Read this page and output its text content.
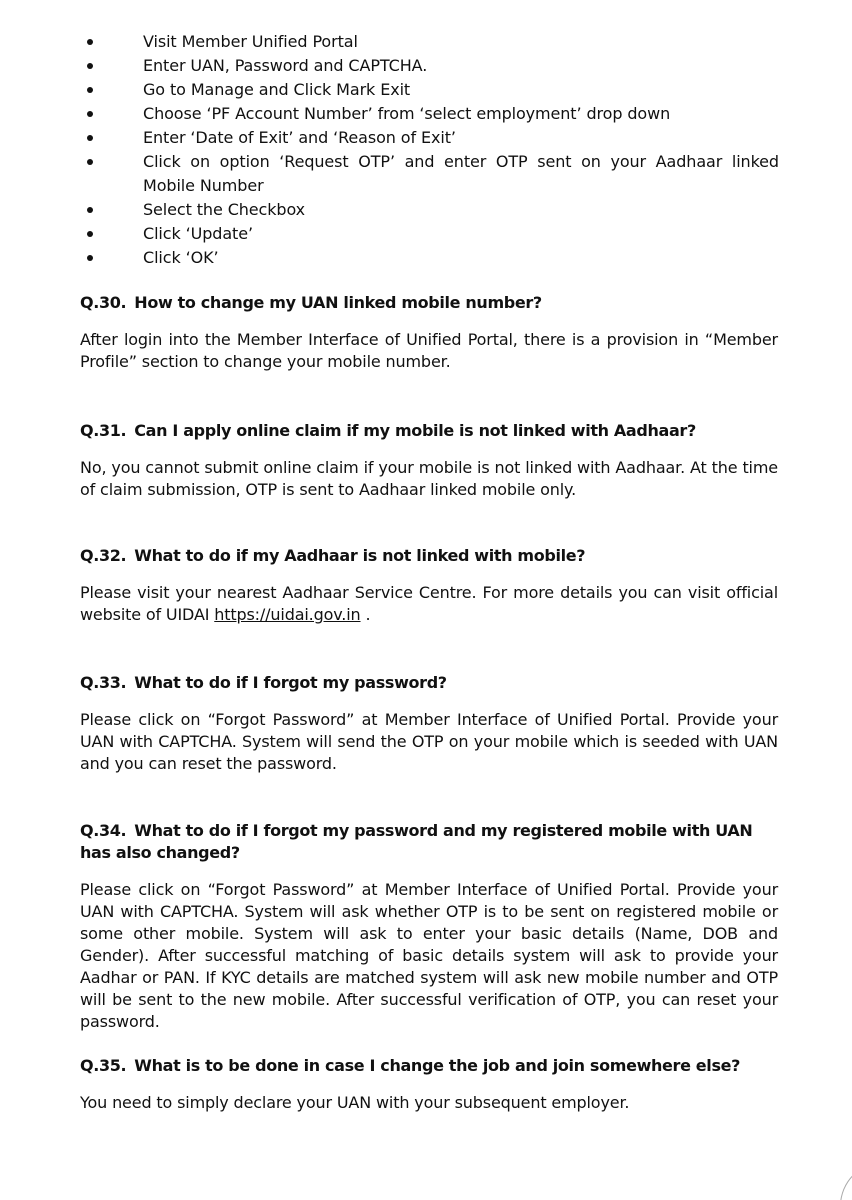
Visit Member Unified Portal
Enter UAN, Password and CAPTCHA.
Go to Manage and Click Mark Exit
Choose ‘PF Account Number’ from ‘select employment’ drop down
Enter ‘Date of Exit’ and ‘Reason of Exit’
Click on option ‘Request OTP’ and enter OTP sent on your Aadhaar linked Mobile Number
Select the Checkbox
Click ‘Update’
Click ‘OK’
Q.30. How to change my UAN linked mobile number?

After login into the Member Interface of Unified Portal, there is a provision in “Member Profile” section to change your mobile number.

Q.31. Can I apply online claim if my mobile is not linked with Aadhaar?

No, you cannot submit online claim if your mobile is not linked with Aadhaar. At the time of claim submission, OTP is sent to Aadhaar linked mobile only.

Q.32. What to do if my Aadhaar is not linked with mobile?

Please visit your nearest Aadhaar Service Centre. For more details you can visit official website of UIDAI https://uidai.gov.in .

Q.33. What to do if I forgot my password?

Please click on “Forgot Password” at Member Interface of Unified Portal. Provide your UAN with CAPTCHA. System will send the OTP on your mobile which is seeded with UAN and you can reset the password.

Q.34. What to do if I forgot my password and my registered mobile with UAN has also changed?

Please click on “Forgot Password” at Member Interface of Unified Portal. Provide your UAN with CAPTCHA. System will ask whether OTP is to be sent on registered mobile or some other mobile. System will ask to enter your basic details (Name, DOB and Gender). After successful matching of basic details system will ask to provide your Aadhar or PAN. If KYC details are matched system will ask new mobile number and OTP will be sent to the new mobile. After successful verification of OTP, you can reset your password.

Q.35. What is to be done in case I change the job and join somewhere else?

You need to simply declare your UAN with your subsequent employer.
